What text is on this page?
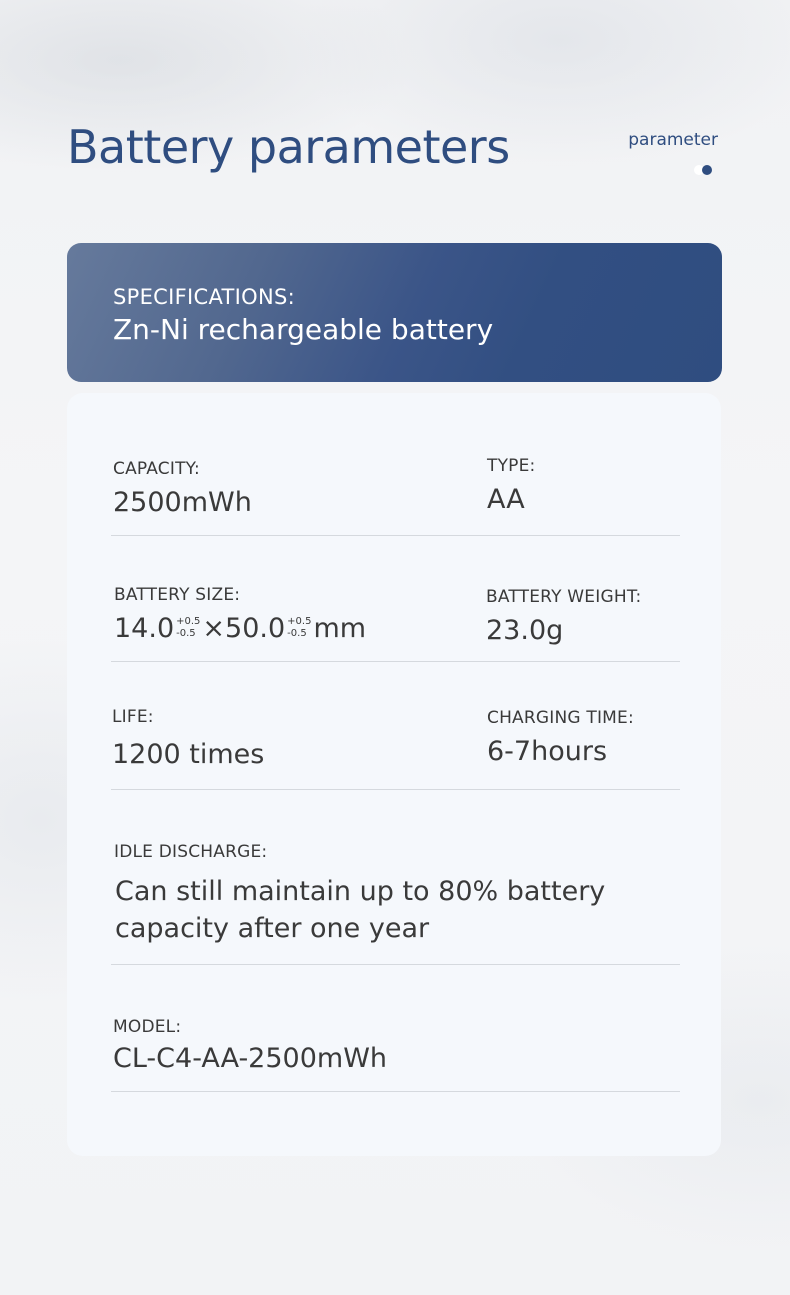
Battery parameters	parameter
SPECIFICATIONS:
Zn-Ni rechargeable battery
CAPACITY:
2500mWh
TYPE:
AA
BATTERY SIZE:
14.0 +0.5
-0.5 ×50.0 +0.5
-0.5 mm
BATTERY WEIGHT:
23.0g
LIFE:
1200 times
CHARGING TIME:
6-7hours
IDLE DISCHARGE:
Can still maintain up to 80% battery capacity after one year
MODEL:
CL-C4-AA-2500mWh
